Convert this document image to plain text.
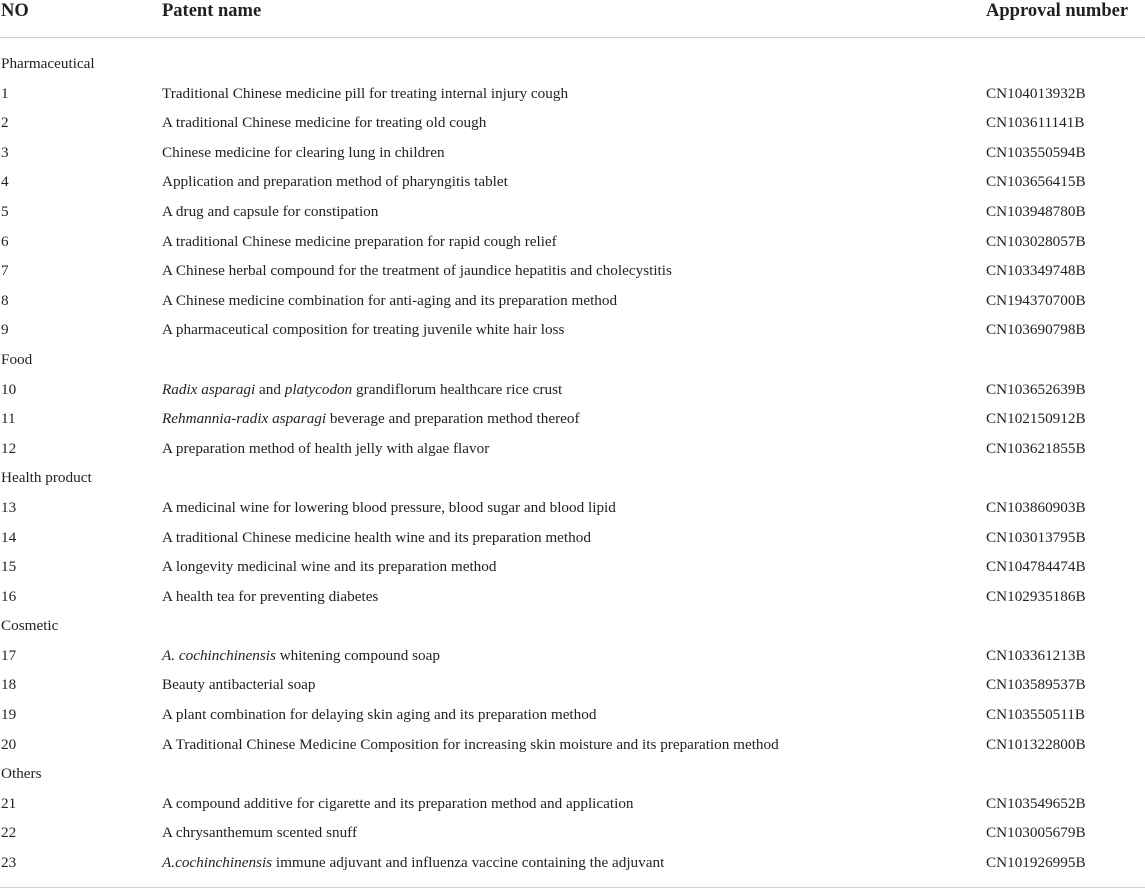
NO	Patent name	Approval number
Pharmaceutical
1	Traditional Chinese medicine pill for treating internal injury cough	CN104013932B
2	A traditional Chinese medicine for treating old cough	CN103611141B
3	Chinese medicine for clearing lung in children	CN103550594B
4	Application and preparation method of pharyngitis tablet	CN103656415B
5	A drug and capsule for constipation	CN103948780B
6	A traditional Chinese medicine preparation for rapid cough relief	CN103028057B
7	A Chinese herbal compound for the treatment of jaundice hepatitis and cholecystitis	CN103349748B
8	A Chinese medicine combination for anti-aging and its preparation method	CN194370700B
9	A pharmaceutical composition for treating juvenile white hair loss	CN103690798B
Food
10	Radix asparagi and platycodon grandiflorum healthcare rice crust	CN103652639B
11	Rehmannia-radix asparagi beverage and preparation method thereof	CN102150912B
12	A preparation method of health jelly with algae flavor	CN103621855B
Health product
13	A medicinal wine for lowering blood pressure, blood sugar and blood lipid	CN103860903B
14	A traditional Chinese medicine health wine and its preparation method	CN103013795B
15	A longevity medicinal wine and its preparation method	CN104784474B
16	A health tea for preventing diabetes	CN102935186B
Cosmetic
17	A. cochinchinensis whitening compound soap	CN103361213B
18	Beauty antibacterial soap	CN103589537B
19	A plant combination for delaying skin aging and its preparation method	CN103550511B
20	A Traditional Chinese Medicine Composition for increasing skin moisture and its preparation method	CN101322800B
Others
21	A compound additive for cigarette and its preparation method and application	CN103549652B
22	A chrysanthemum scented snuff	CN103005679B
23	A.cochinchinensis immune adjuvant and influenza vaccine containing the adjuvant	CN101926995B
